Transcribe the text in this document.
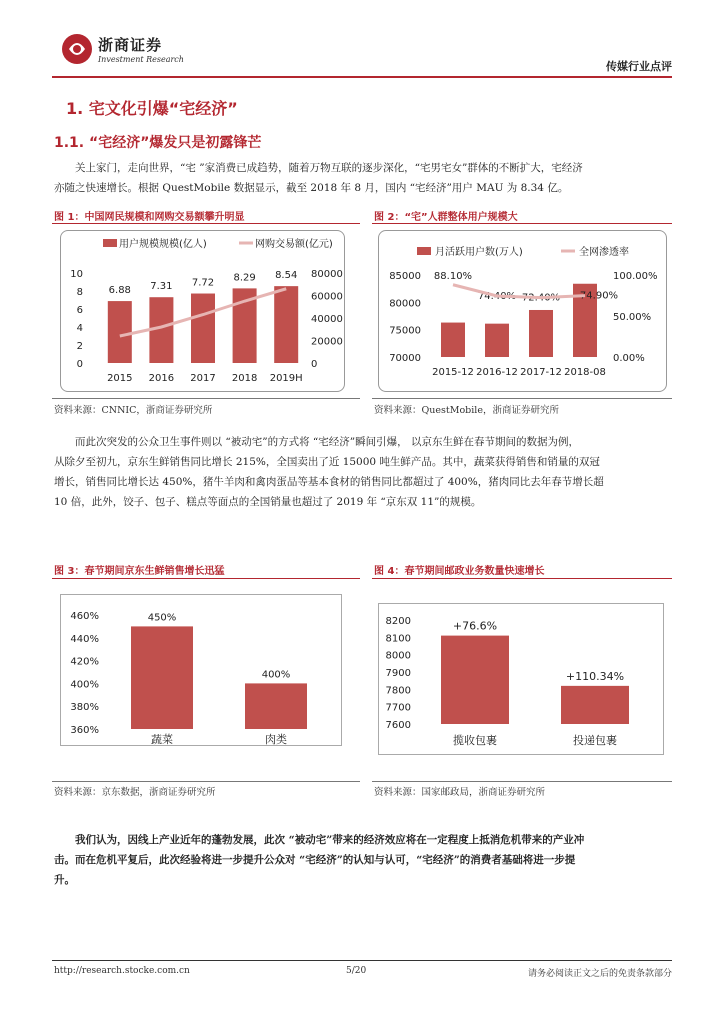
浙商证券
Investment Research
传媒行业点评
1. 宅文化引爆“宅经济”
1.1. “宅经济”爆发只是初露锋芒
关上家门，走向世界，“宅 ”家消费已成趋势，随着万物互联的逐步深化，“宅男宅女”群体的不断扩大，宅经济
亦随之快速增长。根据 QuestMobile 数据显示，截至 2018 年 8 月，国内 “宅经济”用户 MAU 为 8.34 亿。
图 1：中国网民规模和网购交易额攀升明显
用户规模规模(亿人)	网购交易额(亿元)
0
2
4
6
8
10
0
20000
40000
60000
80000
6.88
2015
7.31
2016
7.72
2017
8.29
2018
8.54
2019H
资料来源：CNNIC，浙商证券研究所
图 2：“宅”人群整体用户规模大
月活跃用户数(万人)	全网渗透率
70000
75000
80000
85000
0.00%
50.00%
100.00%
2015-12
88.10%
2016-12
74.40%
2017-12
72.40%
2018-08
74.90%
资料来源：QuestMobile，浙商证券研究所
而此次突发的公众卫生事件则以 “被动宅”的方式将 “宅经济”瞬间引爆， 以京东生鲜在春节期间的数据为例，
从除夕至初九，京东生鲜销售同比增长 215%，全国卖出了近 15000 吨生鲜产品。其中，蔬菜获得销售和销量的双冠
增长，销售同比增长达 450%，猪牛羊肉和禽肉蛋品等基本食材的销售同比都超过了 400%，猪肉同比去年春节增长超
10 倍，此外，饺子、包子、糕点等面点的全国销量也超过了 2019 年 “京东双 11”的规模。
图 3：春节期间京东生鲜销售增长迅猛
360%
380%
400%
420%
440%
460%	450%
蔬菜
400%
肉类
资料来源：京东数据，浙商证券研究所
图 4：春节期间邮政业务数量快速增长
7600
7700
7800
7900
8000
8100
8200	+76.6%
揽收包裹
+110.34%
投递包裹
资料来源：国家邮政局，浙商证券研究所
我们认为，因线上产业近年的蓬勃发展，此次 “被动宅”带来的经济效应将在一定程度上抵消危机带来的产业冲
击。而在危机平复后，此次经验将进一步提升公众对 “宅经济”的认知与认可，“宅经济”的消费者基础将进一步提
升。
http://research.stocke.com.cn	5/20	请务必阅读正文之后的免责条款部分
